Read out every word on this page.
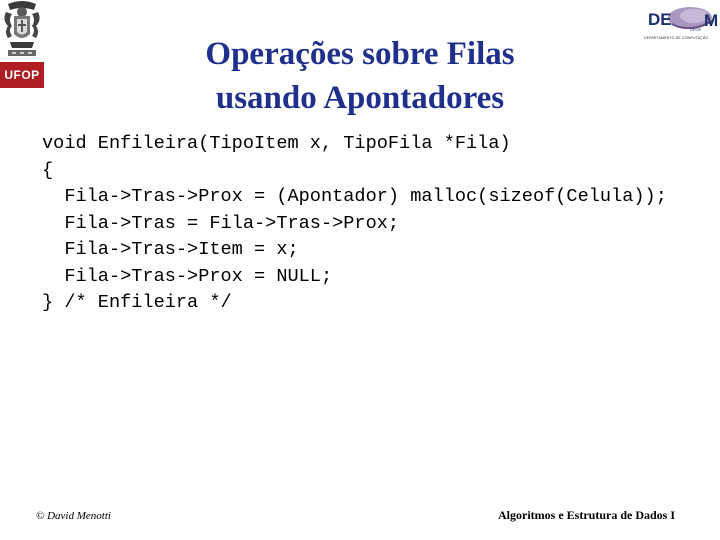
UFOP
M
UFOP
DE
DEPARTAMENTO DE COMPUTAÇÃO
Operações sobre Filas
usando Apontadores
void Enfileira(TipoItem x, TipoFila *Fila)
{
Fila->Tras->Prox = (Apontador) malloc(sizeof(Celula));
Fila->Tras = Fila->Tras->Prox;
Fila->Tras->Item = x;
Fila->Tras->Prox = NULL;
} /* Enfileira */
© David Menotti	Algoritmos e Estrutura de Dados I
